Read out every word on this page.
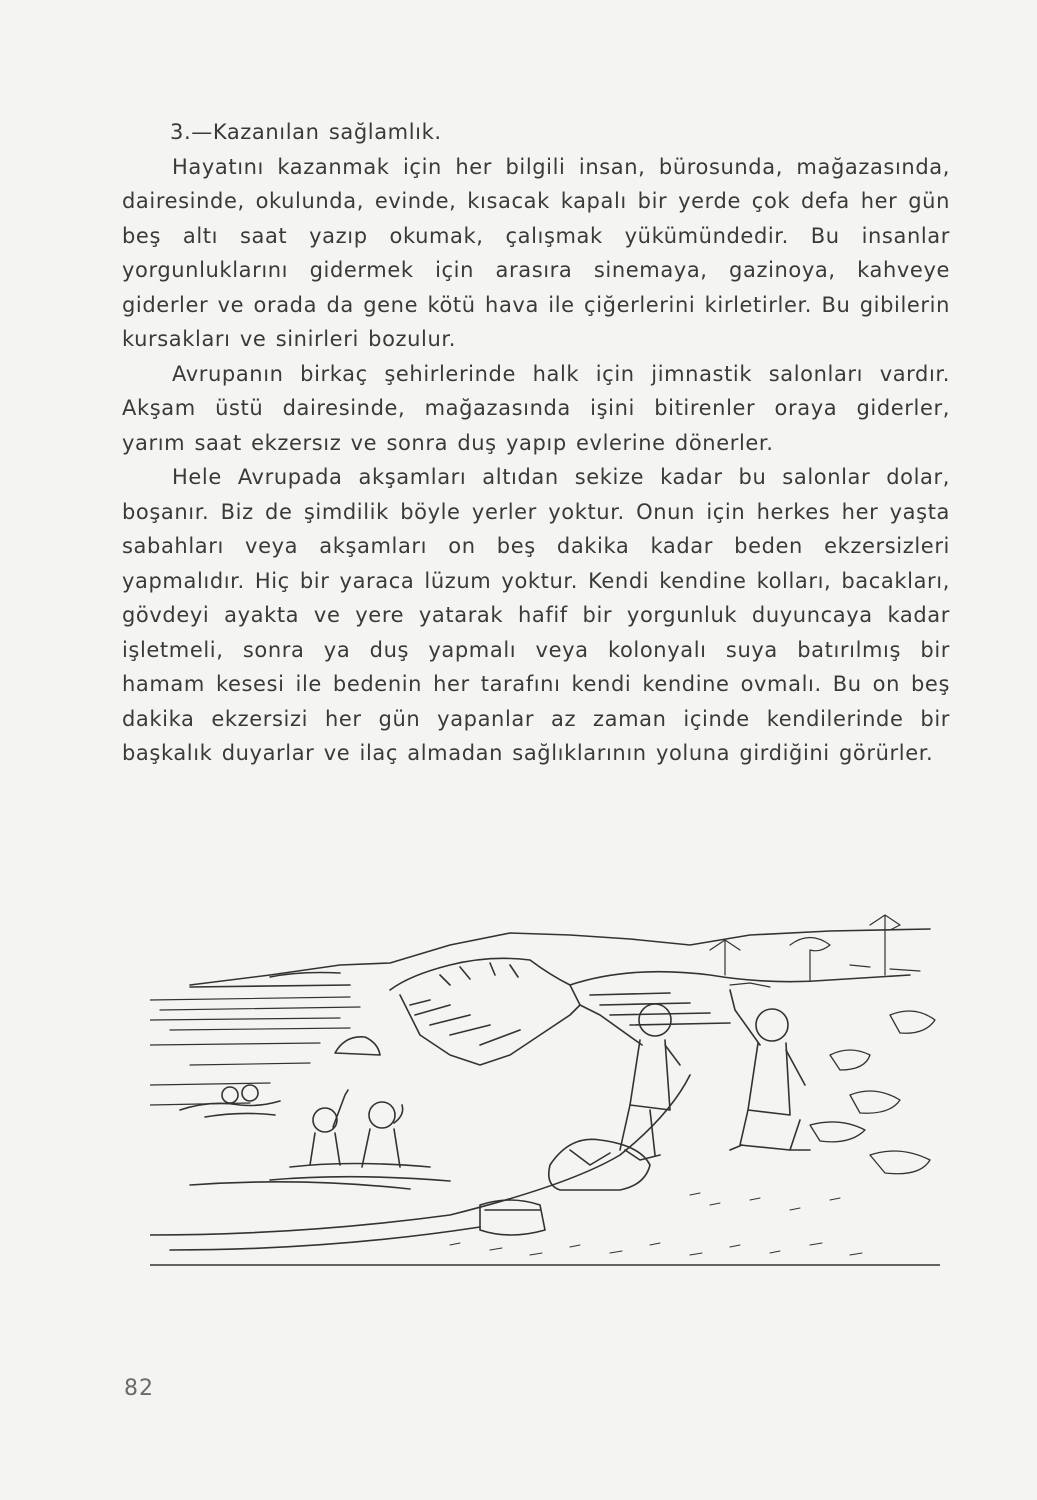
3.—Kazanılan sağlamlık.

Hayatını kazanmak için her bilgili insan, bürosunda, mağazasında, dairesinde, okulunda, evinde, kısacak kapalı bir yerde çok defa her gün beş altı saat yazıp okumak, çalışmak yükümündedir. Bu insanlar yorgunluklarını gidermek için arasıra sinemaya, gazinoya, kahveye giderler ve orada da gene kötü hava ile çiğerlerini kirletirler. Bu gibilerin kursakları ve sinirleri bozulur.

Avrupanın birkaç şehirlerinde halk için jimnastik salonları vardır. Akşam üstü dairesinde, mağazasında işini bitirenler oraya giderler, yarım saat ekzersız ve sonra duş yapıp evlerine dönerler.

Hele Avrupada akşamları altıdan sekize kadar bu salonlar dolar, boşanır. Biz de şimdilik böyle yerler yoktur. Onun için herkes her yaşta sabahları veya akşamları on beş dakika kadar beden ekzersizleri yapmalıdır. Hiç bir yaraca lüzum yoktur. Kendi kendine kolları, bacakları, gövdeyi ayakta ve yere yatarak hafif bir yorgunluk duyuncaya kadar işletmeli, sonra ya duş yapmalı veya kolonyalı suya batırılmış bir hamam kesesi ile bedenin her tarafını kendi kendine ovmalı. Bu on beş dakika ekzersizi her gün yapanlar az zaman içinde kendilerinde bir başkalık duyarlar ve ilaç almadan sağlıklarının yoluna girdiğini görürler.

82
